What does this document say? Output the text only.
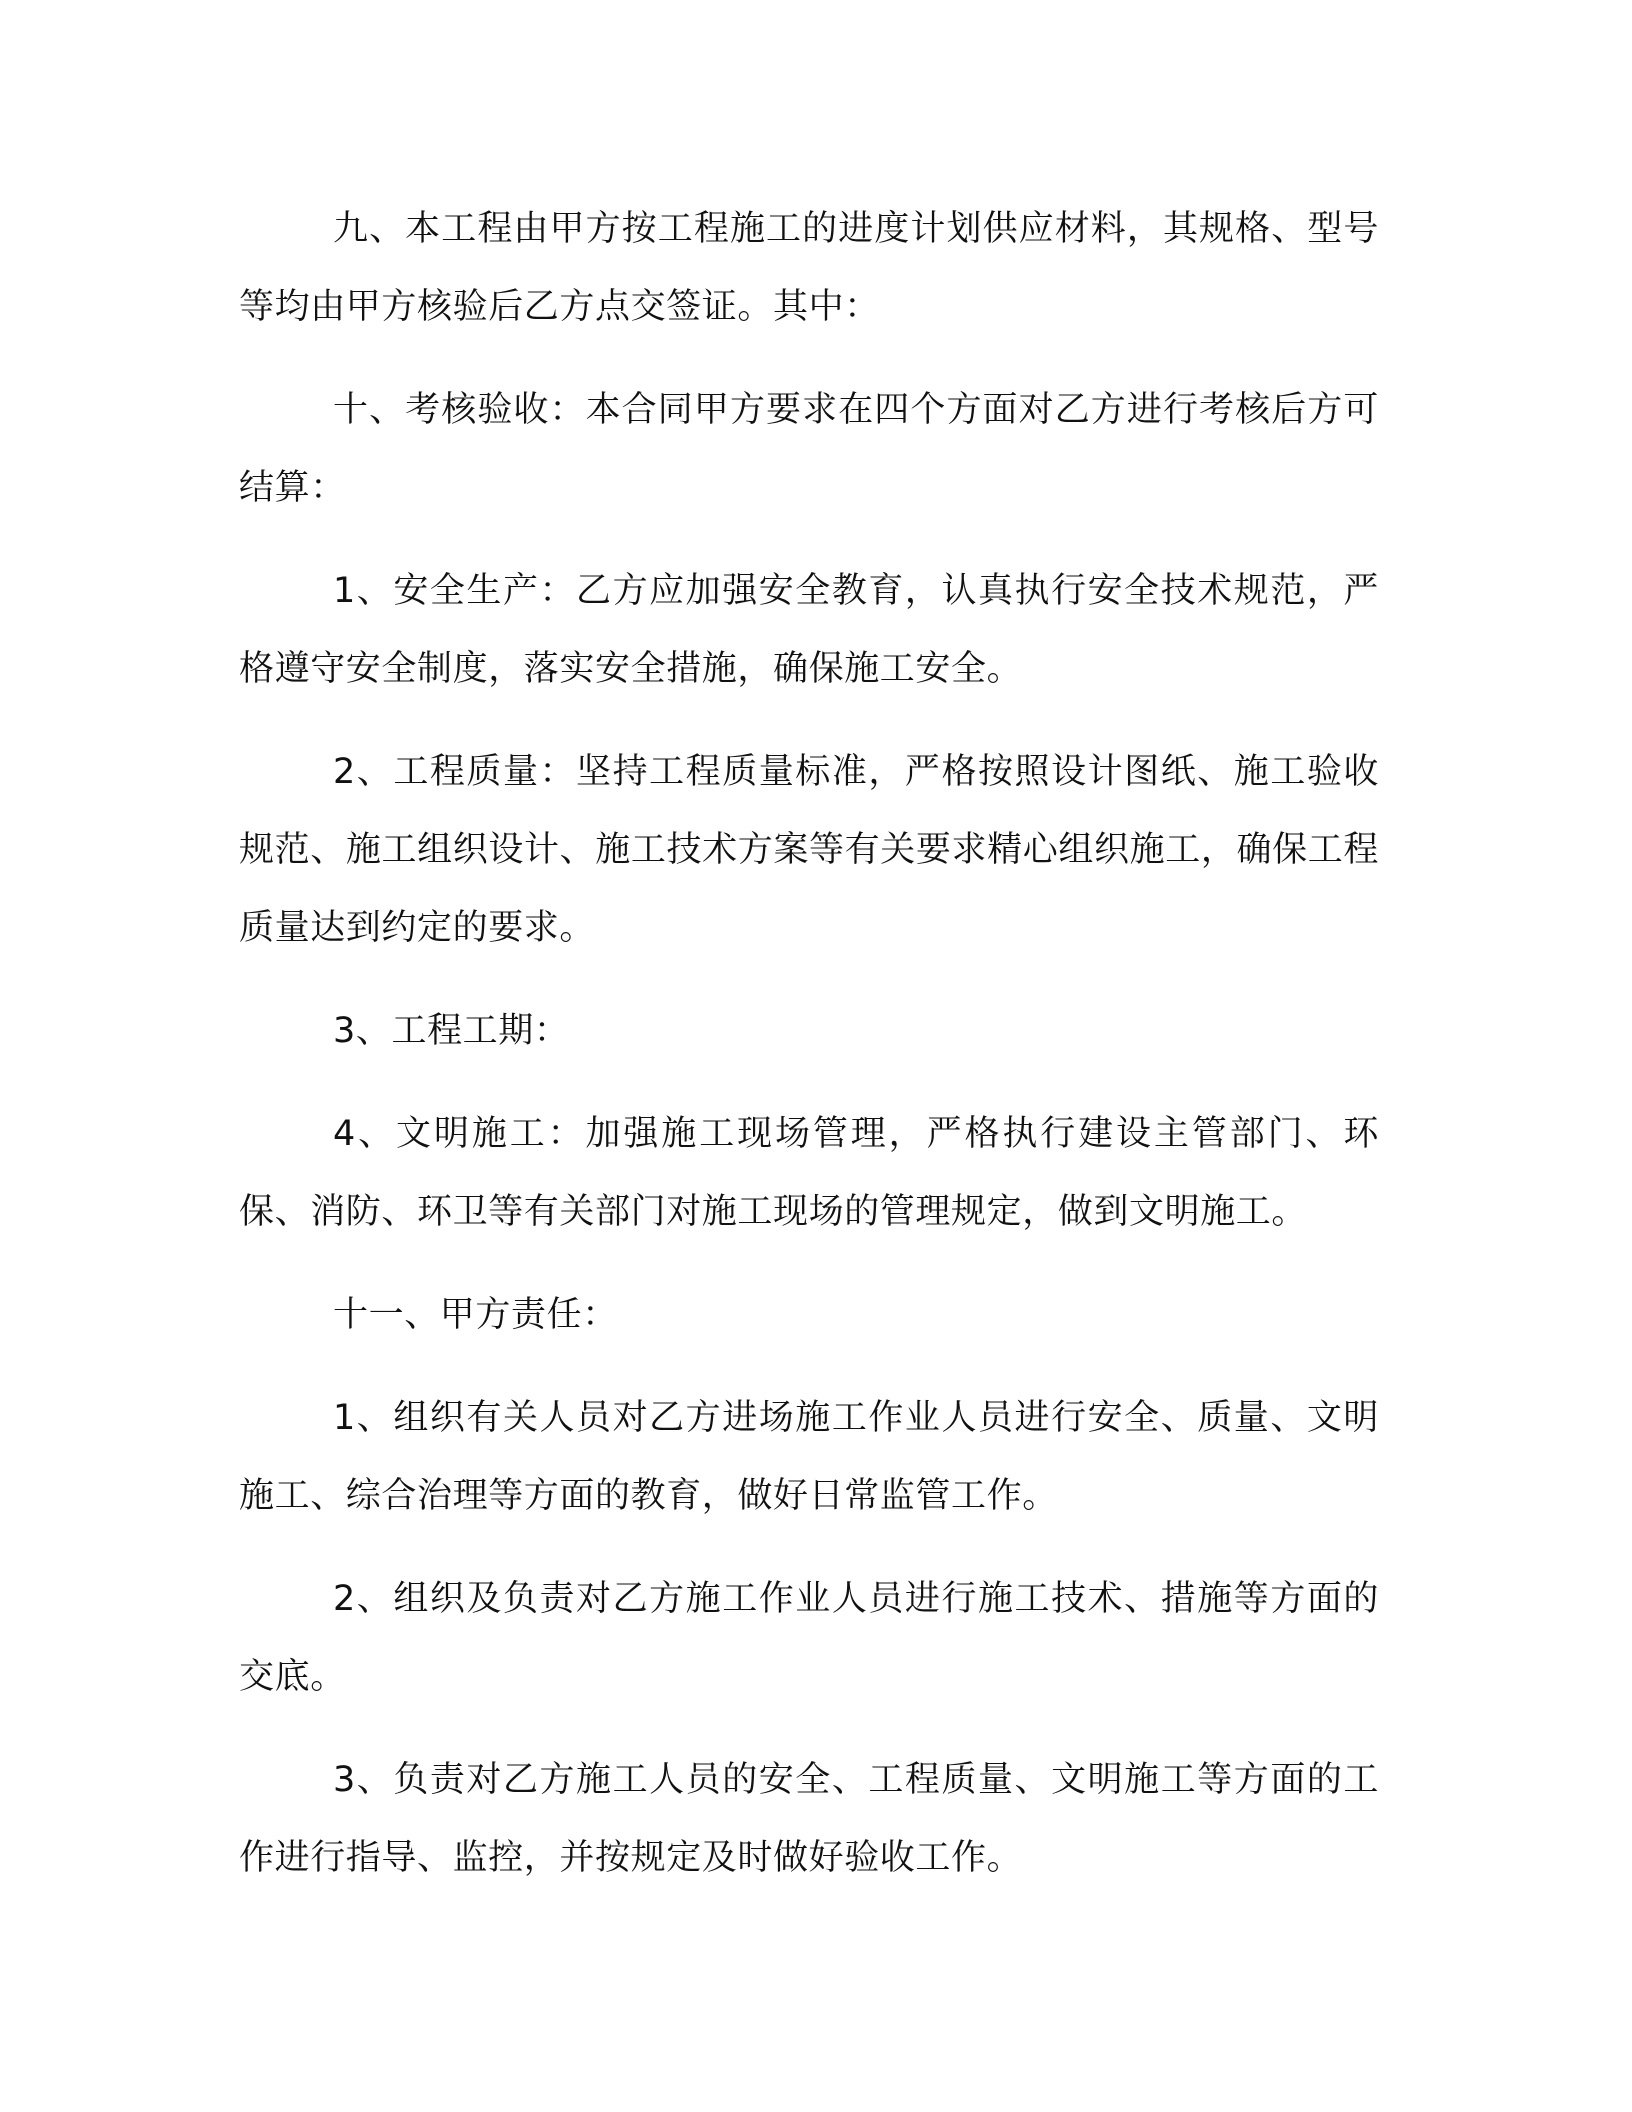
九、本工程由甲方按工程施工的进度计划供应材料，其规格、型号等均由甲方核验后乙方点交签证。其中：

十、考核验收：本合同甲方要求在四个方面对乙方进行考核后方可结算：

1、安全生产：乙方应加强安全教育，认真执行安全技术规范，严格遵守安全制度，落实安全措施，确保施工安全。

2、工程质量：坚持工程质量标准，严格按照设计图纸、施工验收规范、施工组织设计、施工技术方案等有关要求精心组织施工，确保工程质量达到约定的要求。

3、工程工期：

4、文明施工：加强施工现场管理，严格执行建设主管部门、环保、消防、环卫等有关部门对施工现场的管理规定，做到文明施工。

十一、甲方责任：

1、组织有关人员对乙方进场施工作业人员进行安全、质量、文明施工、综合治理等方面的教育，做好日常监管工作。

2、组织及负责对乙方施工作业人员进行施工技术、措施等方面的交底。

3、负责对乙方施工人员的安全、工程质量、文明施工等方面的工作进行指导、监控，并按规定及时做好验收工作。
